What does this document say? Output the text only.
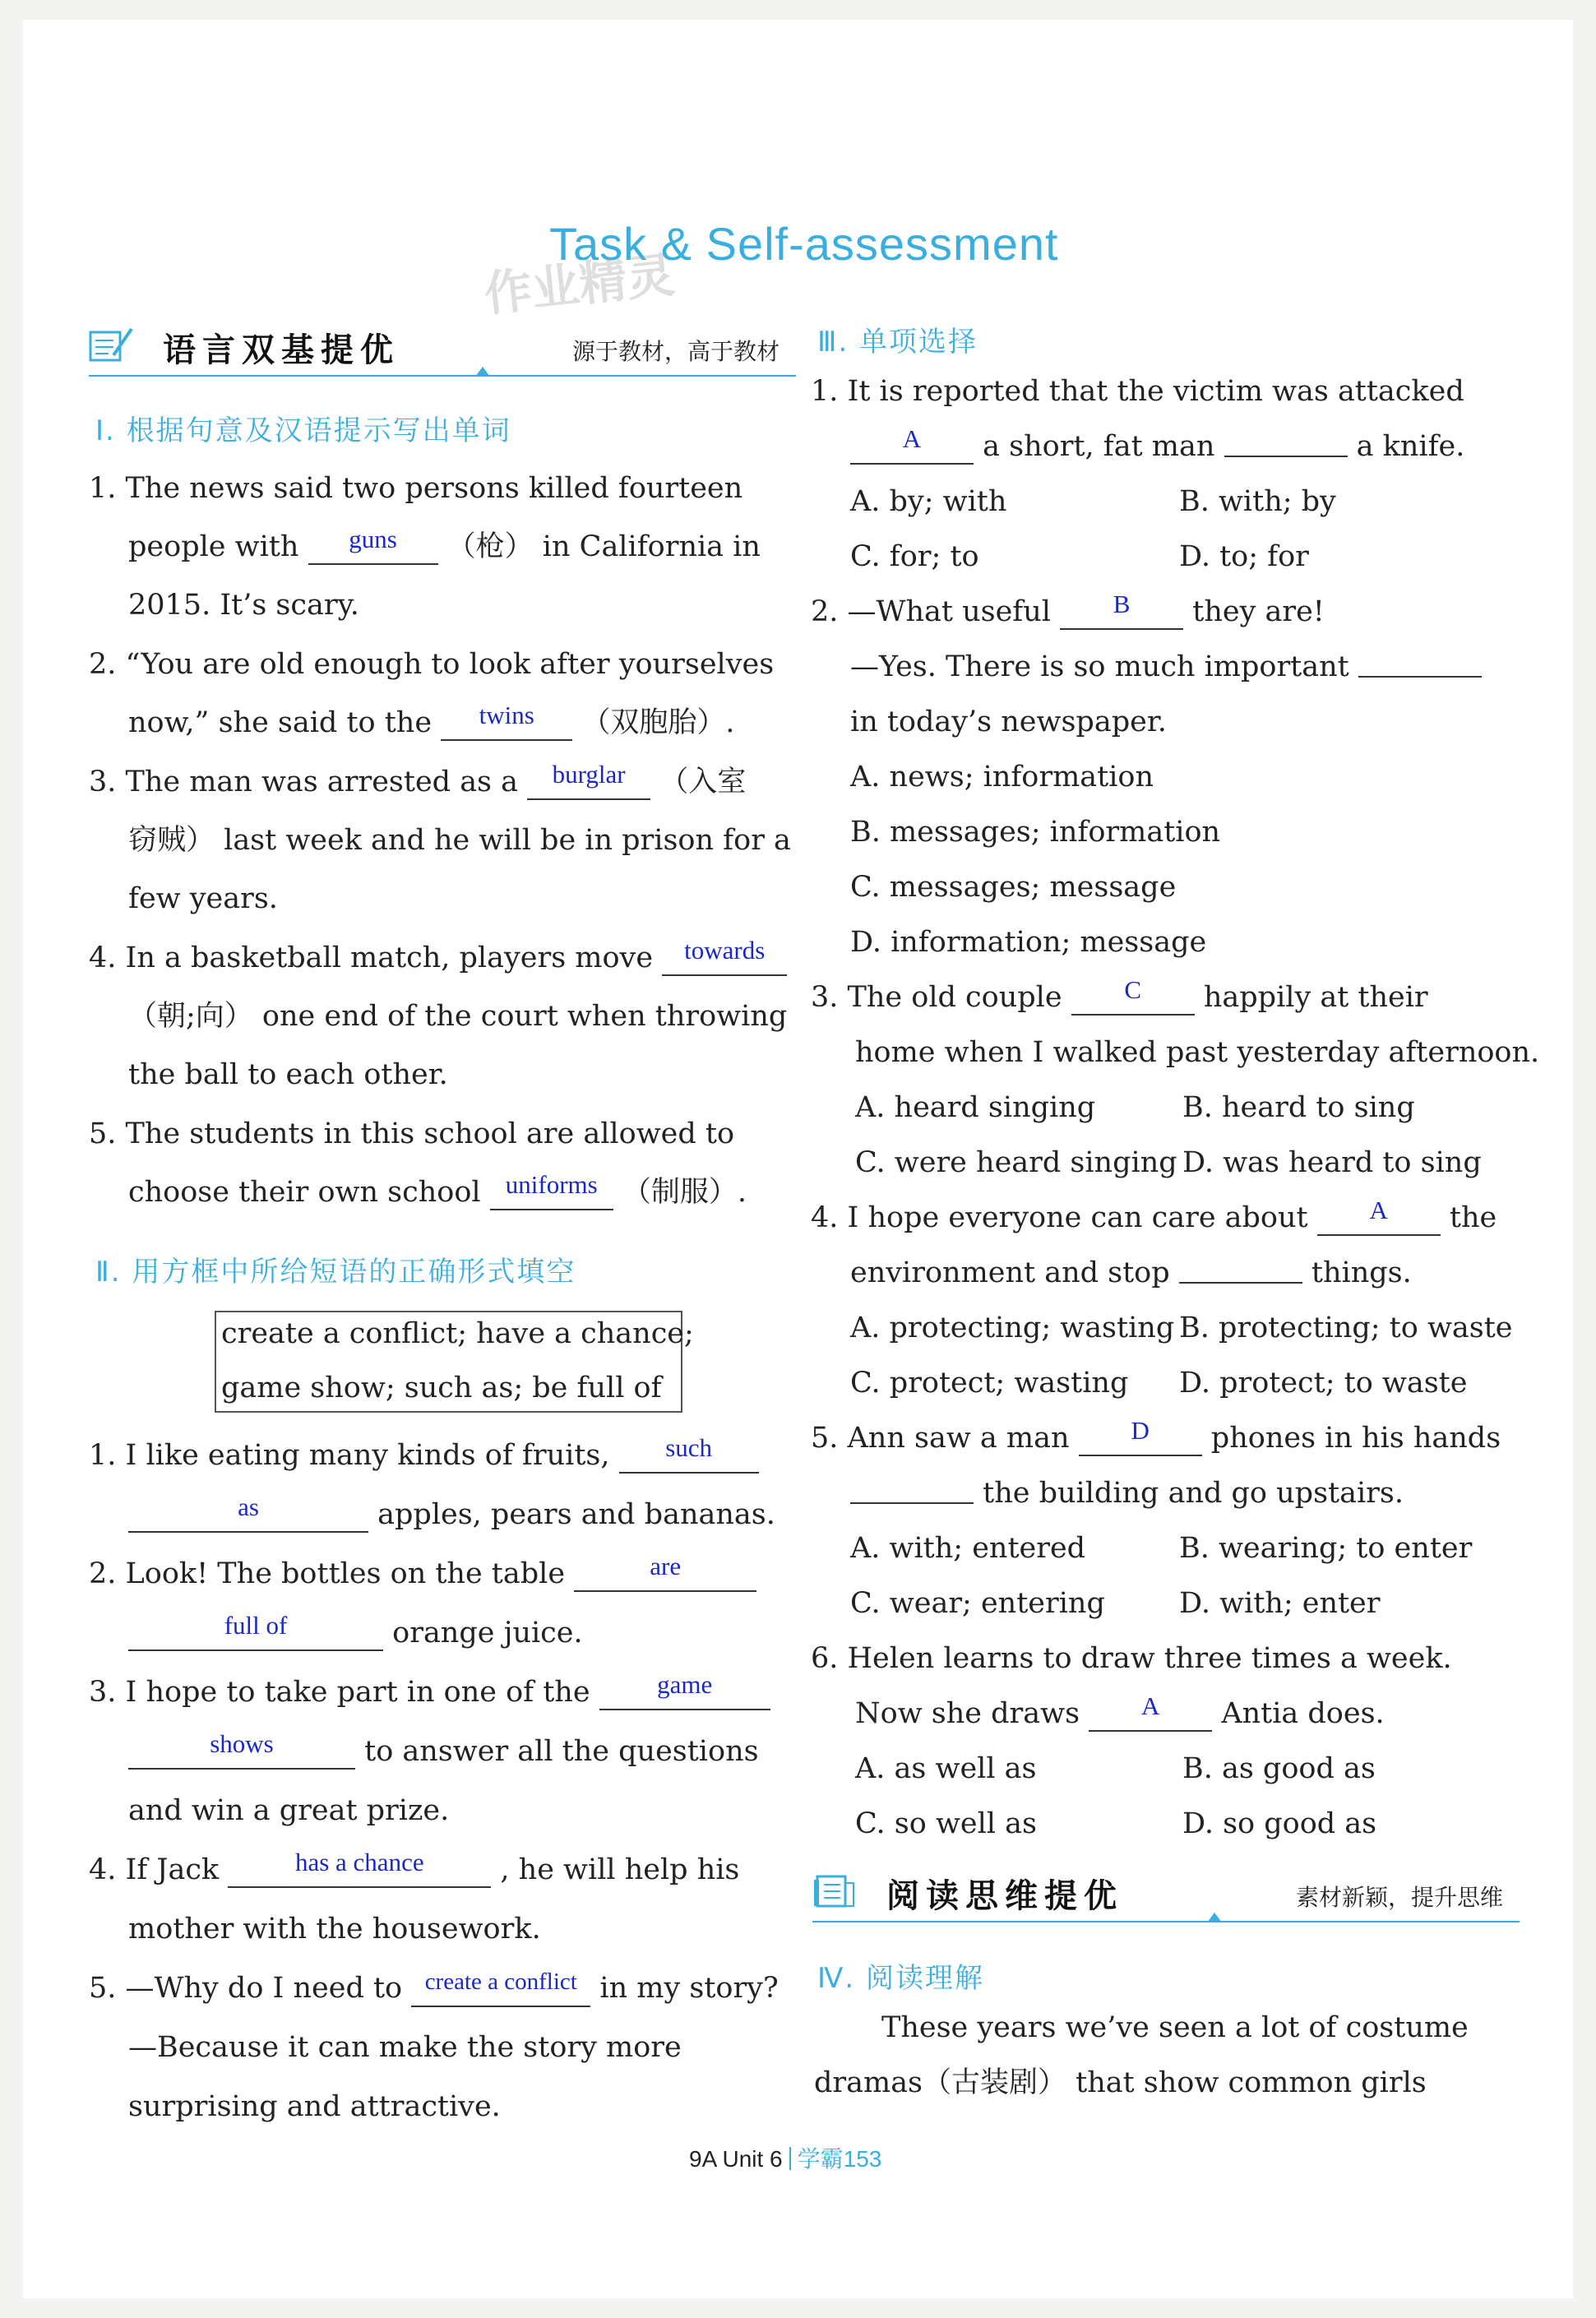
Task & Self-assessment
作业精灵
语言双基提优	源于教材，高于教材
Ⅰ. 根据句意及汉语提示写出单词
1. The news said two persons killed fourteen
people with guns （枪） in California in
2015. It’s scary.
2. “You are old enough to look after yourselves
now,” she said to the twins （双胞胎）.
3. The man was arrested as a burglar （入室
窃贼） last week and he will be in prison for a
few years.
4. In a basketball match, players move towards
（朝;向） one end of the court when throwing
the ball to each other.
5. The students in this school are allowed to
choose their own school uniforms （制服）.
Ⅱ. 用方框中所给短语的正确形式填空
create a conflict; have a chance;
game show; such as; be full of
1. I like eating many kinds of fruits, such
as	apples, pears and bananas.
2. Look! The bottles on the table	are
full of	orange juice.
3. I hope to take part in one of the	game
shows	to answer all the questions
and win a great prize.
4. If Jack	has a chance	, he will help his
mother with the housework.
5. —Why do I need to $^{create a conflict}$ in my story?
—Because it can make the story more
surprising and attractive.
Ⅲ. 单项选择
1. It is reported that the victim was attacked
A a short, fat man	a knife.
A. by; with	B. with; by
C. for; to	D. to; for
2. —What useful B they are!
—Yes. There is so much important
in today’s newspaper.
A. news; information
B. messages; information
C. messages; message
D. information; message
3. The old couple C happily at their
home when I walked past yesterday afternoon.
A. heard singing	B. heard to sing
C. were heard singing D. was heard to sing
4. I hope everyone can care about A the
environment and stop	things.
A. protecting; wasting B. protecting; to waste
C. protect; wasting D. protect; to waste
5. Ann saw a man D phones in his hands
the building and go upstairs.
A. with; entered	B. wearing; to enter
C. wear; entering	D. with; enter
6. Helen learns to draw three times a week.
Now she draws A Antia does.
A. as well as	B. as good as
C. so well as	D. so good as
阅读思维提优	素材新颖，提升思维
Ⅳ. 阅读理解
These years we’ve seen a lot of costume
dramas（古装剧） that show common girls
9A Unit 6 学霸153
